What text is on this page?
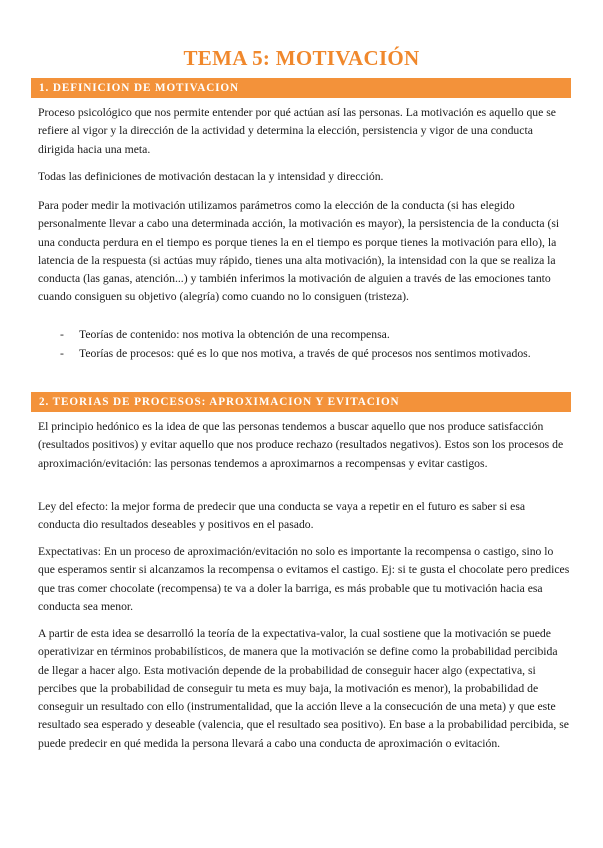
TEMA 5: MOTIVACIÓN
1. DEFINICION DE MOTIVACION

Proceso psicológico que nos permite entender por qué actúan así las personas. La motivación es aquello que se refiere al vigor y la dirección de la actividad y determina la elección, persistencia y vigor de una conducta dirigida hacia una meta.

Todas las definiciones de motivación destacan la y intensidad y dirección.

Para poder medir la motivación utilizamos parámetros como la elección de la conducta (si has elegido personalmente llevar a cabo una determinada acción, la motivación es mayor), la persistencia de la conducta (si una conducta perdura en el tiempo es porque tienes la en el tiempo es porque tienes la motivación para ello), la latencia de la respuesta (si actúas muy rápido, tienes una alta motivación), la intensidad con la que se realiza la conducta (las ganas, atención...) y también inferimos la motivación de alguien a través de las emociones tanto cuando consiguen su objetivo (alegría) como cuando no lo consiguen (tristeza).

- Teorías de contenido: nos motiva la obtención de una recompensa.
- Teorías de procesos: qué es lo que nos motiva, a través de qué procesos nos sentimos motivados.
2. TEORIAS DE PROCESOS: APROXIMACION Y EVITACION

El principio hedónico es la idea de que las personas tendemos a buscar aquello que nos produce satisfacción (resultados positivos) y evitar aquello que nos produce rechazo (resultados negativos). Estos son los procesos de aproximación/evitación: las personas tendemos a aproximarnos a recompensas y evitar castigos.

Ley del efecto: la mejor forma de predecir que una conducta se vaya a repetir en el futuro es saber si esa conducta dio resultados deseables y positivos en el pasado.

Expectativas: En un proceso de aproximación/evitación no solo es importante la recompensa o castigo, sino lo que esperamos sentir si alcanzamos la recompensa o evitamos el castigo. Ej: si te gusta el chocolate pero predices que tras comer chocolate (recompensa) te va a doler la barriga, es más probable que tu motivación hacia esa conducta sea menor.

A partir de esta idea se desarrolló la teoría de la expectativa-valor, la cual sostiene que la motivación se puede operativizar en términos probabilísticos, de manera que la motivación se define como la probabilidad percibida de llegar a hacer algo. Esta motivación depende de la probabilidad de conseguir hacer algo (expectativa, si percibes que la probabilidad de conseguir tu meta es muy baja, la motivación es menor), la probabilidad de conseguir un resultado con ello (instrumentalidad, que la acción lleve a la consecución de una meta) y que este resultado sea esperado y deseable (valencia, que el resultado sea positivo). En base a la probabilidad percibida, se puede predecir en qué medida la persona llevará a cabo una conducta de aproximación o evitación.
